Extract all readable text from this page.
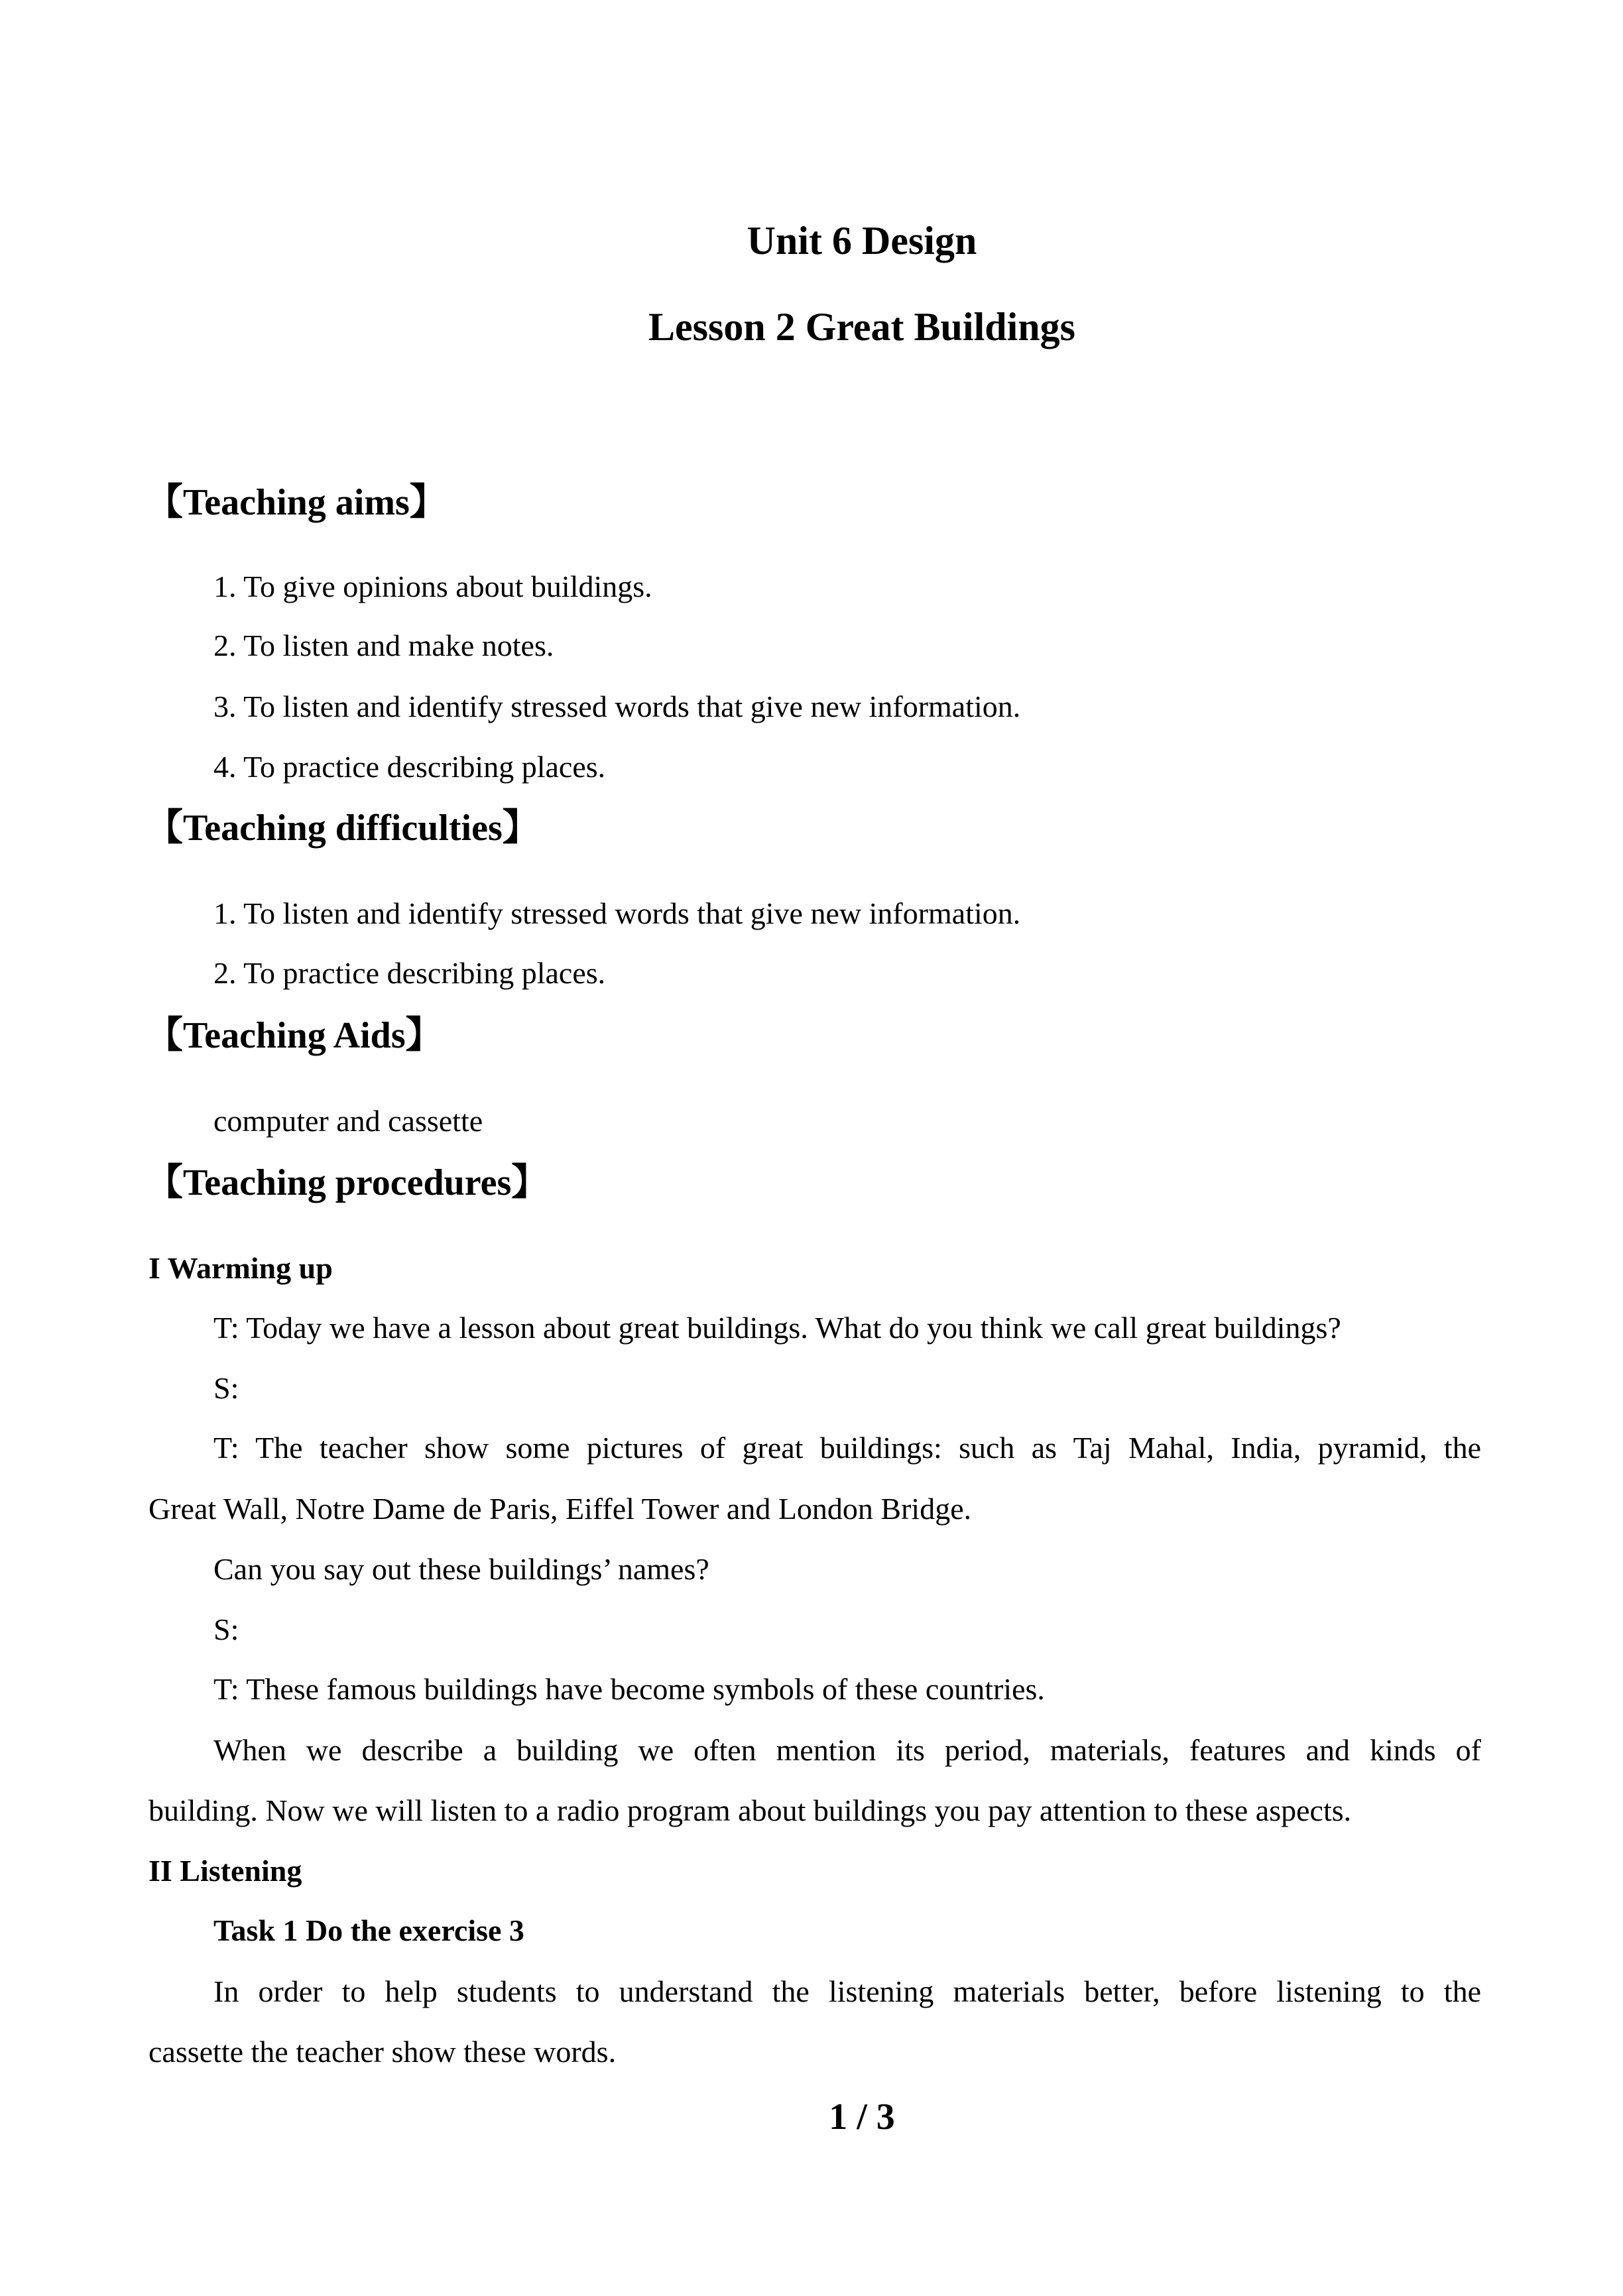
Unit 6 Design
Lesson 2 Great Buildings
【Teaching aims】
1. To give opinions about buildings.
2. To listen and make notes.
3. To listen and identify stressed words that give new information.
4. To practice describing places.
【Teaching difficulties】
1. To listen and identify stressed words that give new information.
2. To practice describing places.
【Teaching Aids】
computer and cassette
【Teaching procedures】
I Warming up
T: Today we have a lesson about great buildings. What do you think we call great buildings?
S:
T: The teacher show some pictures of great buildings: such as Taj Mahal, India, pyramid, the
Great Wall, Notre Dame de Paris, Eiffel Tower and London Bridge.
Can you say out these buildings’ names?
S:
T: These famous buildings have become symbols of these countries.
When we describe a building we often mention its period, materials, features and kinds of
building. Now we will listen to a radio program about buildings you pay attention to these aspects.
II Listening
Task 1 Do the exercise 3
In order to help students to understand the listening materials better, before listening to the
cassette the teacher show these words.
1 / 3
